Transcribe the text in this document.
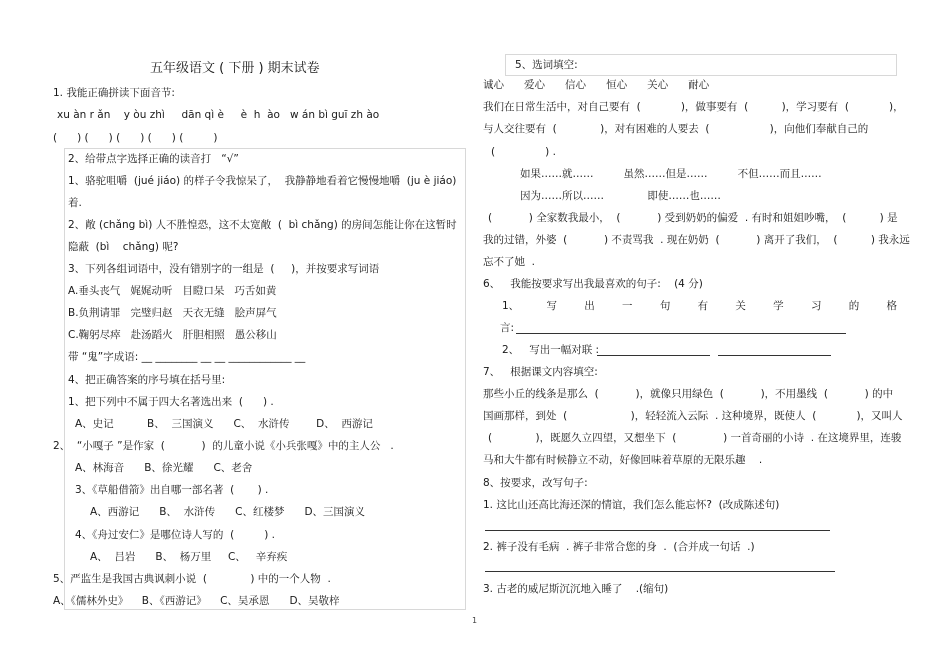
五年级语文 ( 下册 ) 期末试卷
1. 我能正确拼读下面音节:
xu àn r ǎn    y òu zhì     dān qì è     è  h  ào   w án bì guī zh ào
(      ) (      ) (      ) (      ) (         )
2、给带点字选择正确的读音打   “√”
1、骆驼咀嚼  (jué jiáo) 的样子令我惊呆了，  我静静地看着它慢慢地嚼  (ju è jiáo)
着.
2、敞 (chǎng bì) 人不胜惶恐，这不太宽敞  (  bì chǎng) 的房间怎能让你在这暂时
隐蔽  (bì    chǎng) 呢?
3、下列各组词语中，没有错别字的一组是  (     )，并按要求写词语
A.垂头丧气   娓娓动听   目瞪口呆   巧舌如黄
B.负荆请罪   完璧归赵   天衣无缝   脍声屏气
C.鞠躬尽瘁   赴汤蹈火   肝胆相照   愚公移山
带 “鬼”字成语: __ ________ __ __ ____________ __
4、把正确答案的序号填在括号里:
1、把下列中不属于四大名著选出来  (      ) .
A、史记          B、  三国演义      C、  水浒传        D、  西游记
2、  “小嘎子 ”是作家  (           )  的儿童小说《小兵张嘎》中的主人公   .
A、林海音      B、徐光耀      C、老舍
3、《草船借箭》出自哪一部名著  (       ) .
A、西游记      B、  水浒传      C、红楼梦      D、三国演义
4、《舟过安仁》是哪位诗人写的  (         ) .
A、  吕岩      B、  杨万里     C、   辛弃疾
5、严监生是我国古典讽刺小说  (             ) 中的一个人物  .
A、《儒林外史》    B、《西游记》    C、吴承恩      D、吴敬梓
5、选词填空:
诚心      爱心      信心      恒心      关心      耐心
我们在日常生活中，对自己要有  (            )，做事要有  (          )，学习要有  (            )，
与人交往要有  (             )，对有困难的人要去  (                  )，向他们奉献自己的
(               ) .
如果……就……         虽然……但是……         不但……而且……
因为……所以……             即使……也……
(           ) 全家数我最小，  (           ) 受到奶奶的偏爱  . 有时和姐姐吵嘴，  (          ) 是
我的过错，外婆  (           ) 不责骂我  . 现在奶奶  (           ) 离开了我们，  (          ) 我永远
忘不了她  .
6、   我能按要求写出我最喜欢的句子:    (4 分)
1、	写	出	一	句	有	关	学	习	的	格
言:
2、   写出一幅对联 :
7、   根据课文内容填空:
那些小丘的线条是那么  (           )，就像只用绿色  (           )，不用墨线  (           ) 的中
国画那样，到处  (                   )，轻轻流入云际  . 这种境界，既使人  (            )，又叫人
(             )，既愿久立四望，又想坐下  (              ) 一首奇丽的小诗  . 在这境界里，连骏
马和大牛都有时候静立不动，好像回味着草原的无限乐趣    .
8、按要求，改写句子:
1. 这比山还高比海还深的情谊，我们怎么能忘怀?  (改成陈述句)
2. 裤子没有毛病  . 裤子非常合您的身  .  (合并成一句话  .)
3. 古老的威尼斯沉沉地入睡了    .(缩句)
1
